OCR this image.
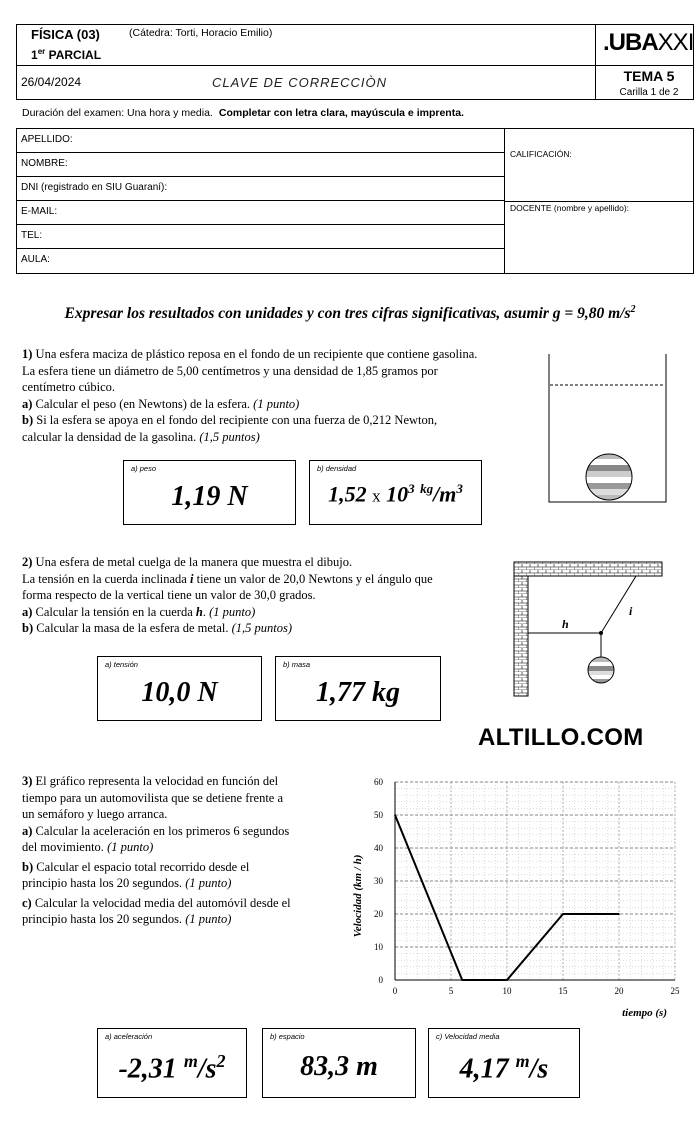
FÍSICA (03)	(Cátedra: Torti, Horacio Emilio)
1er PARCIAL	.UBAXXI
26/04/2024	CLAVE DE CORRECCIÒN	TEMA 5
Carilla 1 de 2
Duración del examen: Una hora y media. Completar con letra clara, mayúscula e imprenta.
APELLIDO:
NOMBRE:
DNI (registrado en SIU Guaraní):
E-MAIL:
TEL:
AULA:
CALIFICACIÓN:
DOCENTE (nombre y apellido):
Expresar los resultados con unidades y con tres cifras significativas, asumir g = 9,80 $m/s^2$
1) Una esfera maciza de plástico reposa en el fondo de un recipiente que contiene gasolina.
La esfera tiene un diámetro de 5,00 centímetros y una densidad de 1,85 gramos por
centímetro cúbico.
a) Calcular el peso (en Newtons) de la esfera. (1 punto)
b) Si la esfera se apoya en el fondo del recipiente con una fuerza de 0,212 Newton,
calcular la densidad de la gasolina. (1,5 puntos)
a) peso
1,19 N
b) densidad
1,52 x $10^3$ $^{kg}/m^3$
2) Una esfera de metal cuelga de la manera que muestra el dibujo.
La tensión en la cuerda inclinada i tiene un valor de 20,0 Newtons y el ángulo que
forma respecto de la vertical tiene un valor de 30,0 grados.
a) Calcular la tensión en la cuerda h. (1 punto)
b) Calcular la masa de la esfera de metal. (1,5 puntos)	h
i
a) tensión
10,0 N
b) masa
1,77 kg
ALTILLO.COM
3) El gráfico representa la velocidad en función del
tiempo para un automovilista que se detiene frente a
un semáforo y luego arranca.
a) Calcular la aceleración en los primeros 6 segundos
del movimiento. (1 punto)
b) Calcular el espacio total recorrido desde el
principio hasta los 20 segundos. (1 punto)
c) Calcular la velocidad media del automóvil desde el
principio hasta los 20 segundos. (1 punto)
0	5	10	15	20	25
0
10
20
30
40
50
60
tiempo (s)
Velocidad (km / h)
a) aceleración
-2,31 $^m/s^2$
b) espacio
83,3 m
c) Velocidad media
4,17 $^m$/s
